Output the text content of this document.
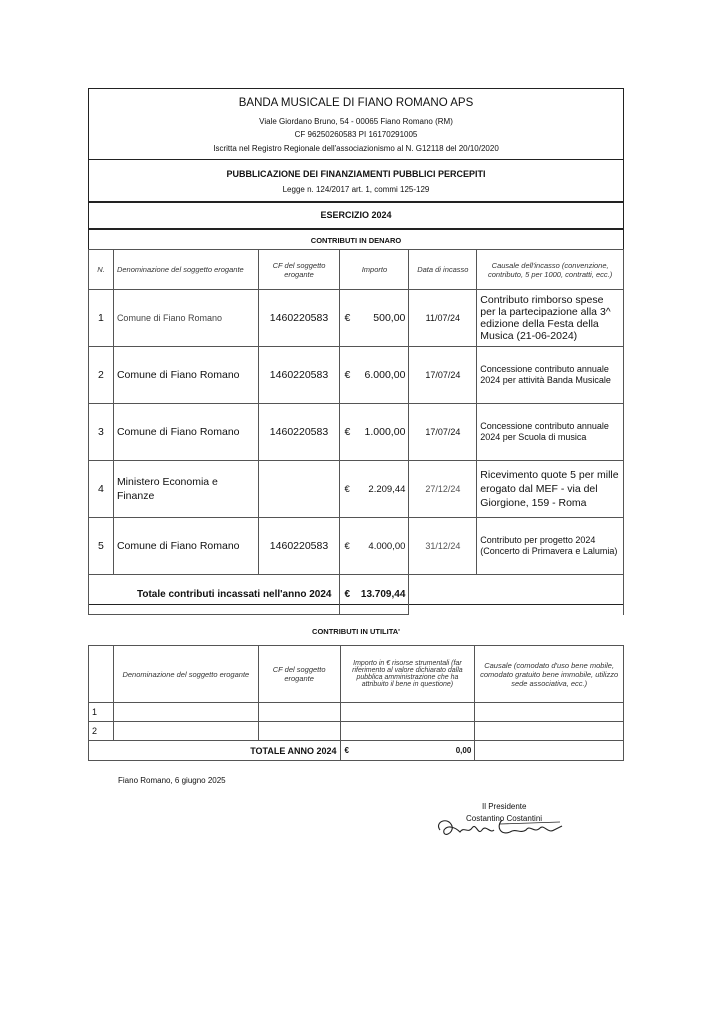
BANDA MUSICALE DI FIANO ROMANO APS
Viale Giordano Bruno, 54 - 00065 Fiano Romano (RM)
CF 96250260583 PI 16170291005
Iscritta nel Registro Regionale dell'associazionismo al N. G12118 del 20/10/2020
PUBBLICAZIONE DEI FINANZIAMENTI PUBBLICI PERCEPITI
Legge n. 124/2017 art. 1, commi 125-129
ESERCIZIO 2024
CONTRIBUTI IN DENARO
N.	Denominazione del soggetto erogante	CF del soggetto erogante	Importo	Data di incasso	Causale dell'incasso (convenzione, contributo, 5 per 1000, contratti, ecc.)
1	Comune di Fiano Romano	1460220583	€ 500,00	11/07/24	Contributo rimborso spese per la partecipazione alla 3^ edizione della Festa della Musica (21-06-2024)
2	Comune di Fiano Romano	1460220583	€ 6.000,00	17/07/24	Concessione contributo annuale 2024 per attività Banda Musicale
3	Comune di Fiano Romano	1460220583	€ 1.000,00	17/07/24	Concessione contributo annuale 2024 per Scuola di musica
4	Ministero Economia e Finanze		€ 2.209,44	27/12/24	Ricevimento quote 5 per mille erogato dal MEF - via del Giorgione, 159 - Roma
5	Comune di Fiano Romano	1460220583	€ 4.000,00	31/12/24	Contributo per progetto 2024 (Concerto di Primavera e Lalumia)
Totale contributi incassati nell'anno 2024			€ 13.709,44		

CONTRIBUTI IN UTILITA'
	Denominazione del soggetto erogante	CF del soggetto erogante	Importo in € risorse strumentali (far riferimento al valore dichiarato dalla pubblica amministrazione che ha attribuito il bene in questione)	Causale (comodato d'uso bene mobile, comodato gratuito bene immobile, utilizzo sede associativa, ecc.)
1				
2				
TOTALE ANNO 2024			€ 0,00	

Fiano Romano, 6 giugno 2025
Il Presidente
Costantino Costantini
